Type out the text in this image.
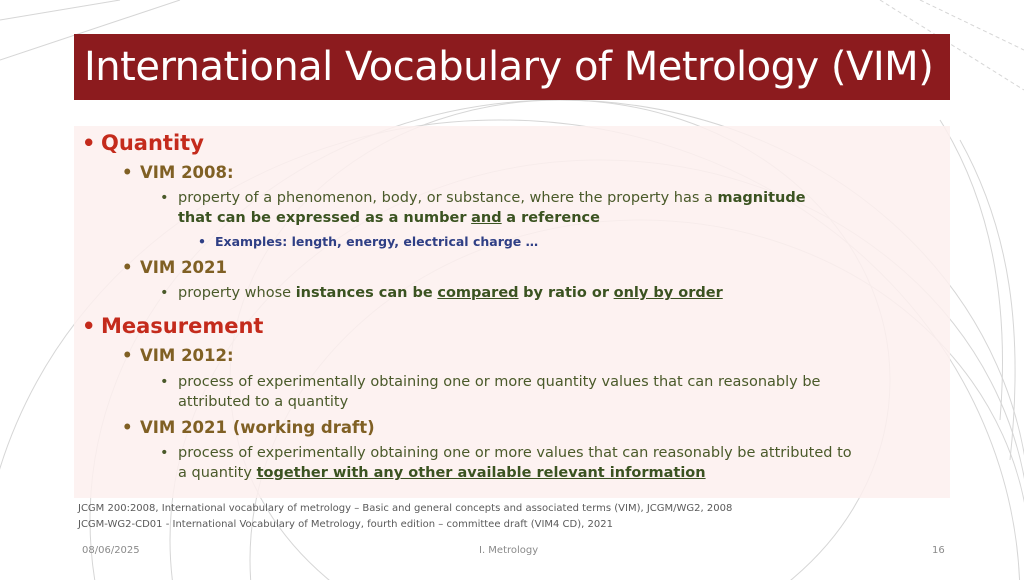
International Vocabulary of Metrology (VIM)
• Quantity
• VIM 2008:
• property of a phenomenon, body, or substance, where the property has a magnitude
that can be expressed as a number and a reference
• Examples: length, energy, electrical charge …
• VIM 2021
• property whose instances can be compared by ratio or only by order
• Measurement
• VIM 2012:
• process of experimentally obtaining one or more quantity values that can reasonably be
attributed to a quantity
• VIM 2021 (working draft)
• process of experimentally obtaining one or more values that can reasonably be attributed to
a quantity together with any other available relevant information
JCGM 200:2008, International vocabulary of metrology – Basic and general concepts and associated terms (VIM), JCGM/WG2, 2008
JCGM-WG2-CD01 - International Vocabulary of Metrology, fourth edition – committee draft (VIM4 CD), 2021
08/06/2025	I. Metrology	16
